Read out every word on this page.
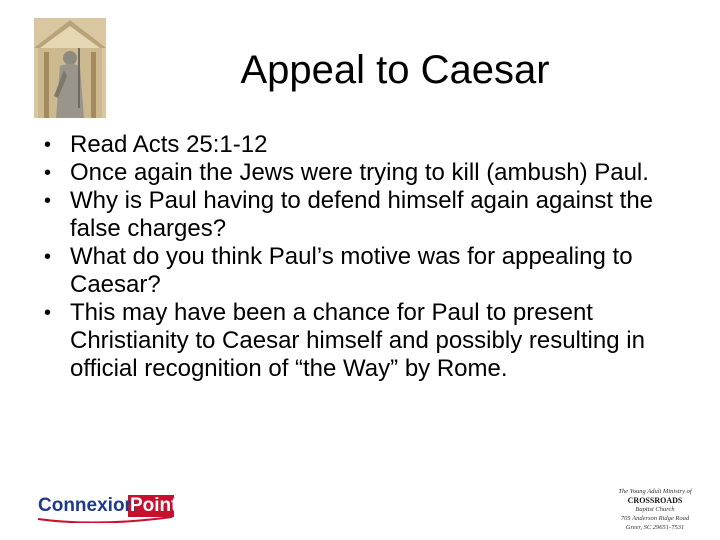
Appeal to Caesar
• Read Acts 25:1-12
• Once again the Jews were trying to kill (ambush) Paul.
• Why is Paul having to defend himself again against the false charges?
• What do you think Paul’s motive was for appealing to Caesar?
• This may have been a chance for Paul to present Christianity to Caesar himself and possibly resulting in official recognition of “the Way” by Rome.
Connexion
Point
The Young Adult Ministry of
CROSSROADS
Baptist Church
705 Anderson Ridge Road
Greer, SC 29651-7531
